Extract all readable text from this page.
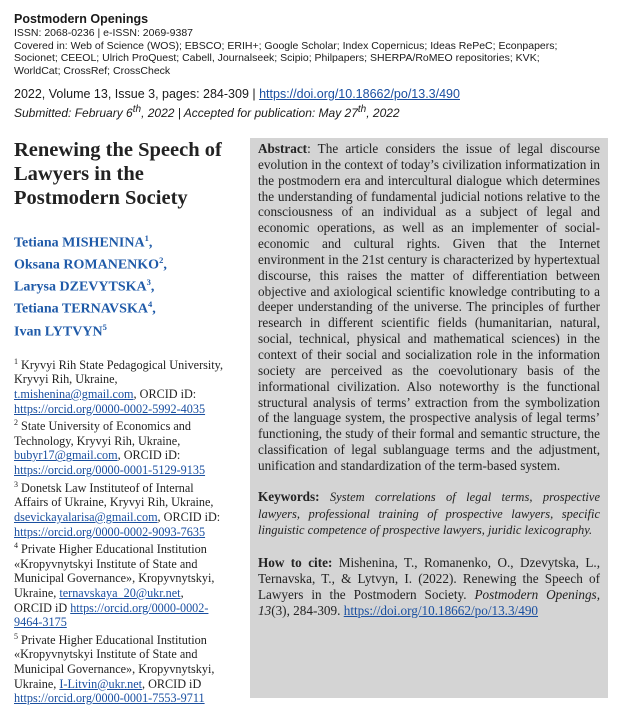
Postmodern Openings

ISSN: 2068-0236 | e-ISSN: 2069-9387

Covered in: Web of Science (WOS); EBSCO; ERIH+; Google Scholar; Index Copernicus; Ideas RePeC; Econpapers;

Socionet; CEEOL; Ulrich ProQuest; Cabell, Journalseek; Scipio; Philpapers; SHERPA/RoMEO repositories; KVK;

WorldCat; CrossRef; CrossCheck

2022, Volume 13, Issue 3, pages: 284-309 | https://doi.org/10.18662/po/13.3/490
Submitted: February 6th, 2022 | Accepted for publication: May 27th, 2022
Renewing the Speech of
Lawyers in the
Postmodern Society
Tetiana MISHENINA$^1$,
Oksana ROMANENKO$^2$,
Larysa DZEVYTSKA$^3$,
Tetiana TERNAVSKA$^4$,
Ivan LYTVYN$^5$
$^1$ Kryvyi Rih State Pedagogical University,
Kryvyi Rih, Ukraine,
t.mishenina@gmail.com, ORCID iD:
https://orcid.org/0000-0002-5992-4035
$^2$ State University of Economics and
Technology, Kryvyi Rih, Ukraine,
bubyr17@gmail.com, ORCID iD:
https://orcid.org/0000-0001-5129-9135
$^3$ Donetsk Law Instituteof of Internal
Affairs of Ukraine, Kryvyi Rih, Ukraine,
dsevickayalarisa@gmail.com, ORCID iD:
https://orcid.org/0000-0002-9093-7635
$^4$ Private Higher Educational Institution
«Kropyvnytskyi Institute of State and
Municipal Governance», Kropyvnytskyi,
Ukraine, ternavskaya_20@ukr.net,
ORCID iD https://orcid.org/0000-0002-
9464-3175
$^5$ Private Higher Educational Institution
«Kropyvnytskyi Institute of State and
Municipal Governance», Kropyvnytskyi,
Ukraine, I-Litvin@ukr.net, ORCID iD
https://orcid.org/0000-0001-7553-9711

Abstract: The article considers the issue of legal discourse evolution in the context of today’s civilization informatization in the postmodern era and intercultural dialogue which determines the understanding of fundamental judicial notions relative to the consciousness of an individual as a subject of legal and economic operations, as well as an implementer of social-economic and cultural rights. Given that the Internet environment in the 21st century is characterized by hypertextual discourse, this raises the matter of differentiation between objective and axiological scientific knowledge contributing to a deeper understanding of the universe. The principles of further research in different scientific fields (humanitarian, natural, social, technical, physical and mathematical sciences) in the context of their social and socialization role in the information society are perceived as the coevolutionary basis of the informational civilization. Also noteworthy is the functional structural analysis of terms’ extraction from the symbolization of the language system, the prospective analysis of legal terms’ functioning, the study of their formal and semantic structure, the classification of legal sublanguage terms and the adjustment, unification and standardization of the term-based system.

Keywords: System correlations of legal terms, prospective lawyers, professional training of prospective lawyers, specific linguistic competence of prospective lawyers, juridic lexicography.

How to cite: Mishenina, T., Romanenko, O., Dzevytska, L., Ternavska, T., & Lytvyn, I. (2022). Renewing the Speech of Lawyers in the Postmodern Society. Postmodern Openings, 13(3), 284-309. https://doi.org/10.18662/po/13.3/490
